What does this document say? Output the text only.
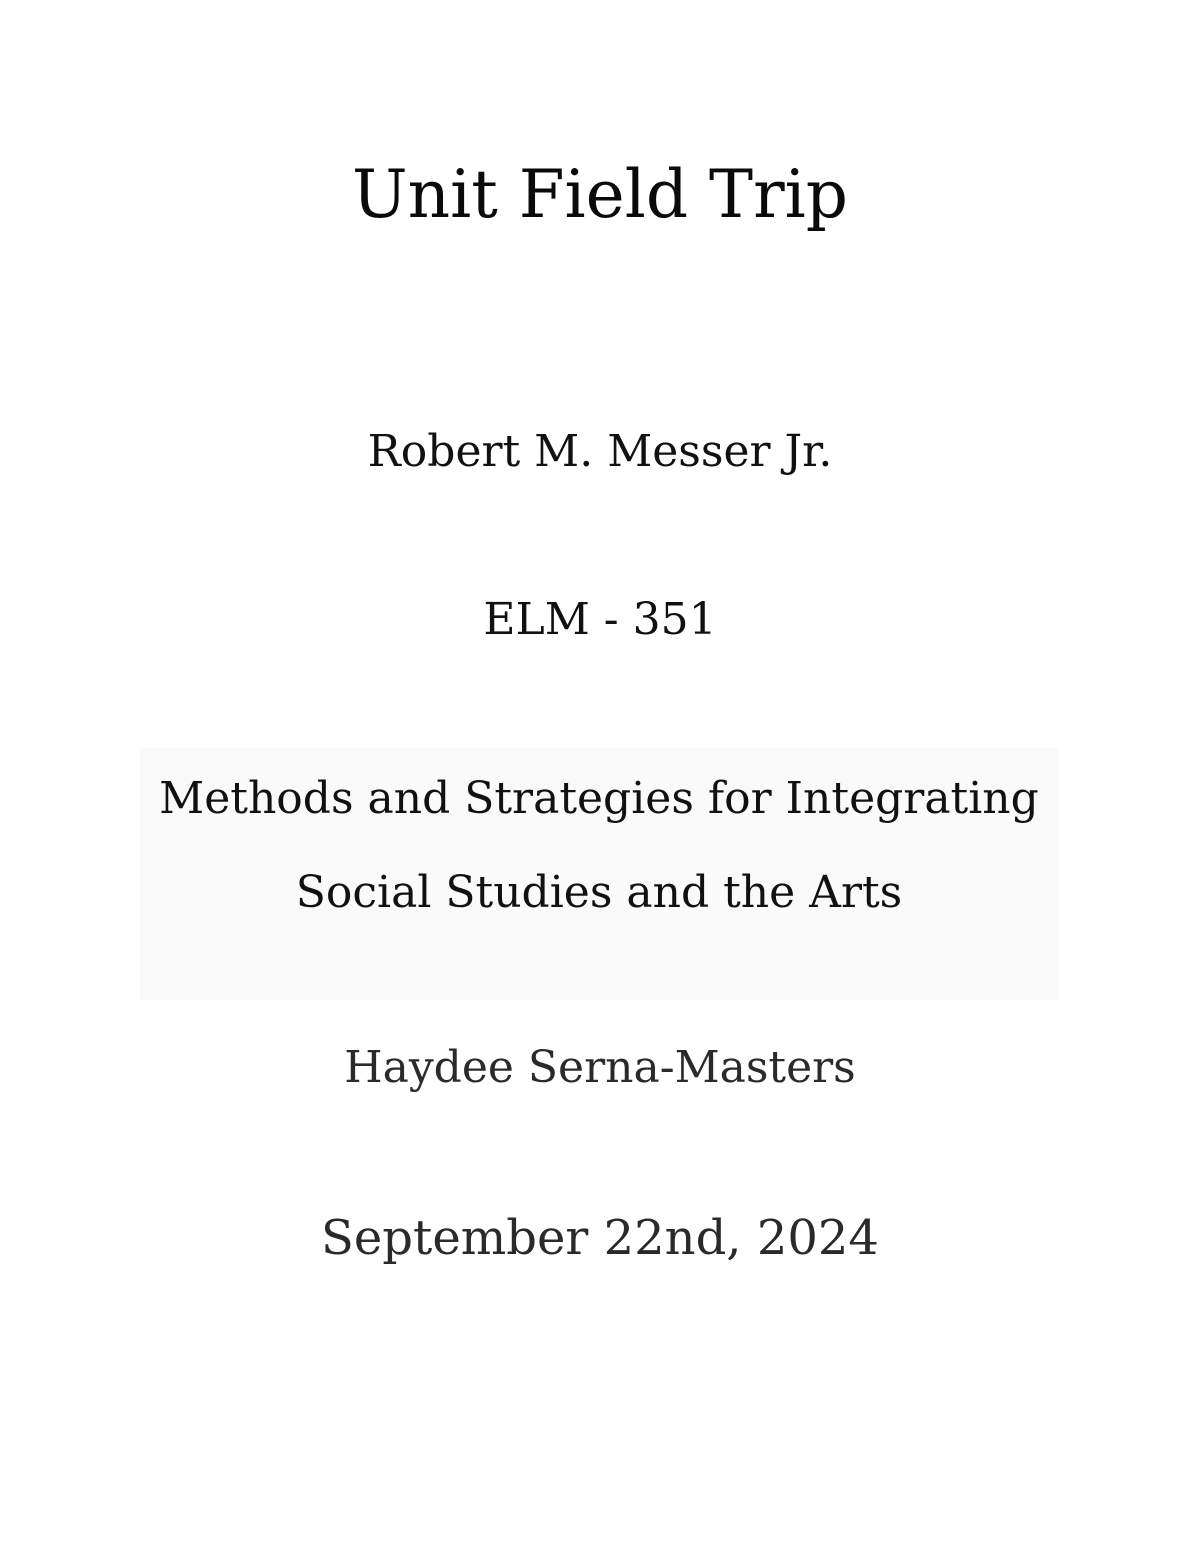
Unit Field Trip
Robert M. Messer Jr.
ELM - 351
Methods and Strategies for Integrating
Social Studies and the Arts
Haydee Serna-Masters
September 22nd, 2024
